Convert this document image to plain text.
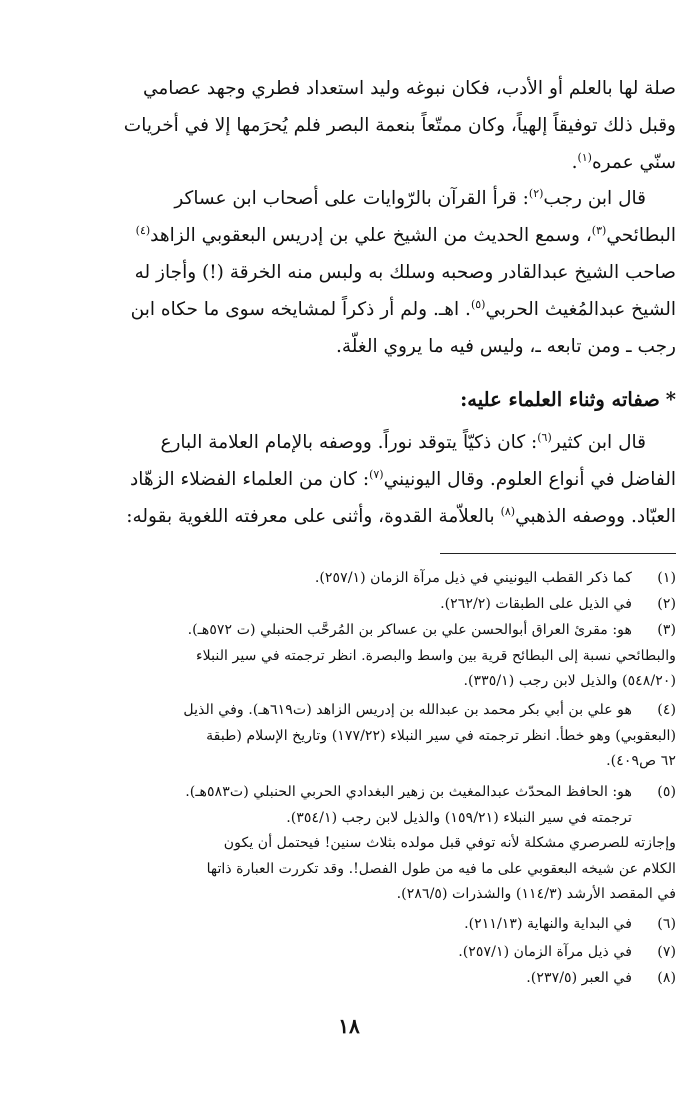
صلة لها بالعلم أو الأدب، فكان نبوغه وليد استعداد فطري وجهد عصامي
وقبل ذلك توفيقاً إلهياً، وكان ممتّعاً بنعمة البصر فلم يُحرَمها إلا في أخريات
سنّي عمره$^{(١)}$.
قال ابن رجب$^{(٢)}$: قرأ القرآن بالرّوايات على أصحاب ابن عساكر
البطائحي$^{(٣)}$، وسمع الحديث من الشيخ علي بن إدريس البعقوبي الزاهد$^{(٤)}$
صاحب الشيخ عبدالقادر وصحبه وسلك به ولبس منه الخرقة (!) وأجاز له
الشيخ عبدالمُغيث الحربي$^{(٥)}$. اهـ. ولم أر ذكراً لمشايخه سوى ما حكاه ابن
رجب ـ ومن تابعه ـ، وليس فيه ما يروي الغلّة.
*صفاته وثناء العلماء عليه:
قال ابن كثير$^{(٦)}$: كان ذكيّاً يتوقد نوراً. ووصفه بالإمام العلامة البارع
الفاضل في أنواع العلوم. وقال اليونيني$^{(٧)}$: كان من العلماء الفضلاء الزهّاد
العبّاد. ووصفه الذهبي$^{(٨)}$ بالعلاّمة القدوة، وأثنى على معرفته اللغوية بقوله:
(١)
كما ذكر القطب اليونيني في ذيل مرآة الزمان (٢٥٧/١).
(٢)
في الذيل على الطبقات (٢٦٢/٢).
(٣)
هو: مقرئ العراق أبوالحسن علي بن عساكر بن المُرحَّب الحنبلي (ت ٥٧٢هـ).
والبطائحي نسبة إلى البطائح قرية بين واسط والبصرة. انظر ترجمته في سير النبلاء
(٥٤٨/٢٠) والذيل لابن رجب (٣٣٥/١).
(٤)
هو علي بن أبي بكر محمد بن عبدالله بن إدريس الزاهد (ت٦١٩هـ). وفي الذيل
(البعقوبي) وهو خطأ. انظر ترجمته في سير النبلاء (١٧٧/٢٢) وتاريخ الإسلام (طبقة
٦٢ ص٤٠٩).
(٥)
هو: الحافظ المحدّث عبدالمغيث بن زهير البغدادي الحربي الحنبلي (ت٥٨٣هـ).
ترجمته في سير النبلاء (١٥٩/٢١) والذيل لابن رجب (٣٥٤/١).
وإجازته للصرصري مشكلة لأنه توفي قبل مولده بثلاث سنين! فيحتمل أن يكون
الكلام عن شيخه البعقوبي على ما فيه من طول الفصل!. وقد تكررت العبارة ذاتها
في المقصد الأرشد (١١٤/٣) والشذرات (٢٨٦/٥).
(٦)
في البداية والنهاية (٢١١/١٣).
(٧)
في ذيل مرآة الزمان (٢٥٧/١).
(٨)
في العبر (٢٣٧/٥).
١٨
